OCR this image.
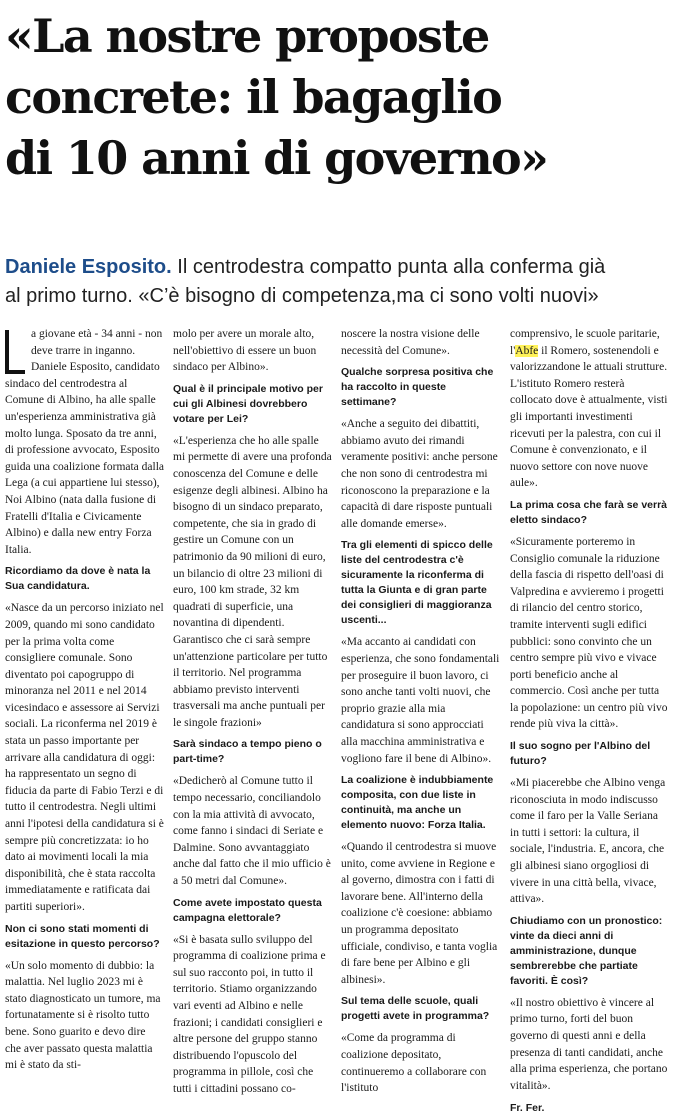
«La nostre proposte
concrete: il bagaglio
di 10 anni di governo»
Daniele Esposito. Il centrodestra compatto punta alla conferma già
al primo turno. «C’è bisogno di competenza,ma ci sono volti nuovi»

a giovane età - 34 anni - non deve trarre in inganno. Daniele Esposito, candidato sindaco del centrodestra al Comune di Albino, ha alle spalle un'esperienza amministrativa già molto lunga. Sposato da tre anni, di professione avvocato, Esposito guida una coalizione formata dalla Lega (a cui appartiene lui stesso), Noi Albino (nata dalla fusione di Fratelli d'Italia e Civicamente Albino) e dalla new entry Forza Italia.

Ricordiamo da dove è nata la Sua candidatura.

«Nasce da un percorso iniziato nel 2009, quando mi sono candidato per la prima volta come consigliere comunale. Sono diventato poi capogruppo di minoranza nel 2011 e nel 2014 vicesindaco e assessore ai Servizi sociali. La riconferma nel 2019 è stata un passo importante per arrivare alla candidatura di oggi: ha rappresentato un segno di fiducia da parte di Fabio Terzi e di tutto il centrodestra. Negli ultimi anni l'ipotesi della candidatura si è sempre più concretizzata: io ho dato ai movimenti locali la mia disponibilità, che è stata raccolta immediatamente e ratificata dai partiti superiori».

Non ci sono stati momenti di esitazione in questo percorso?

«Un solo momento di dubbio: la malattia. Nel luglio 2023 mi è stato diagnosticato un tumore, ma fortunatamente si è risolto tutto bene. Sono guarito e devo dire che aver passato questa malattia mi è stato da sti-

molo per avere un morale alto, nell'obiettivo di essere un buon sindaco per Albino».

Qual è il principale motivo per cui gli Albinesi dovrebbero votare per Lei?

«L'esperienza che ho alle spalle mi permette di avere una profonda conoscenza del Comune e delle esigenze degli albinesi. Albino ha bisogno di un sindaco preparato, competente, che sia in grado di gestire un Comune con un patrimonio da 90 milioni di euro, un bilancio di oltre 23 milioni di euro, 100 km strade, 32 km quadrati di superficie, una novantina di dipendenti. Garantisco che ci sarà sempre un'attenzione particolare per tutto il territorio. Nel programma abbiamo previsto interventi trasversali ma anche puntuali per le singole frazioni»

Sarà sindaco a tempo pieno o part-time?

«Dedicherò al Comune tutto il tempo necessario, conciliandolo con la mia attività di avvocato, come fanno i sindaci di Seriate e Dalmine. Sono avvantaggiato anche dal fatto che il mio ufficio è a 50 metri dal Comune».

Come avete impostato questa campagna elettorale?

«Si è basata sullo sviluppo del programma di coalizione prima e sul suo racconto poi, in tutto il territorio. Stiamo organizzando vari eventi ad Albino e nelle frazioni; i candidati consiglieri e altre persone del gruppo stanno distribuendo l'opuscolo del programma in pillole, così che tutti i cittadini possano co-

noscere la nostra visione delle necessità del Comune».

Qualche sorpresa positiva che ha raccolto in queste settimane?

«Anche a seguito dei dibattiti, abbiamo avuto dei rimandi veramente positivi: anche persone che non sono di centrodestra mi riconoscono la preparazione e la capacità di dare risposte puntuali alle domande emerse».

Tra gli elementi di spicco delle liste del centrodestra c'è sicuramente la riconferma di tutta la Giunta e di gran parte dei consiglieri di maggioranza uscenti...

«Ma accanto ai candidati con esperienza, che sono fondamentali per proseguire il buon lavoro, ci sono anche tanti volti nuovi, che proprio grazie alla mia candidatura si sono approcciati alla macchina amministrativa e vogliono fare il bene di Albino».

La coalizione è indubbiamente composita, con due liste in continuità, ma anche un elemento nuovo: Forza Italia.

«Quando il centrodestra si muove unito, come avviene in Regione e al governo, dimostra con i fatti di lavorare bene. All'interno della coalizione c'è coesione: abbiamo un programma depositato ufficiale, condiviso, e tanta voglia di fare bene per Albino e gli albinesi».

Sul tema delle scuole, quali progetti avete in programma?

«Come da programma di coalizione depositato, continueremo a collaborare con l'istituto

comprensivo, le scuole paritarie, l'Abfe il Romero, sostenendoli e valorizzandone le attuali strutture. L'istituto Romero resterà collocato dove è attualmente, visti gli importanti investimenti ricevuti per la palestra, con cui il Comune è convenzionato, e il nuovo settore con nove nuove aule».

La prima cosa che farà se verrà eletto sindaco?

«Sicuramente porteremo in Consiglio comunale la riduzione della fascia di rispetto dell'oasi di Valpredina e avvieremo i progetti di rilancio del centro storico, tramite interventi sugli edifici pubblici: sono convinto che un centro sempre più vivo e vivace porti beneficio anche al commercio. Così anche per tutta la popolazione: un centro più vivo rende più viva la città».

Il suo sogno per l'Albino del futuro?

«Mi piacerebbe che Albino venga riconosciuta in modo indiscusso come il faro per la Valle Seriana in tutti i settori: la cultura, il sociale, l'industria. E, ancora, che gli albinesi siano orgogliosi di vivere in una città bella, vivace, attiva».

Chiudiamo con un pronostico: vinte da dieci anni di amministrazione, dunque sembrerebbe che partiate favoriti. È così?

«Il nostro obiettivo è vincere al primo turno, forti del buon governo di questi anni e della presenza di tanti candidati, anche alla prima esperienza, che portano vitalità».

Fr. Fer.
